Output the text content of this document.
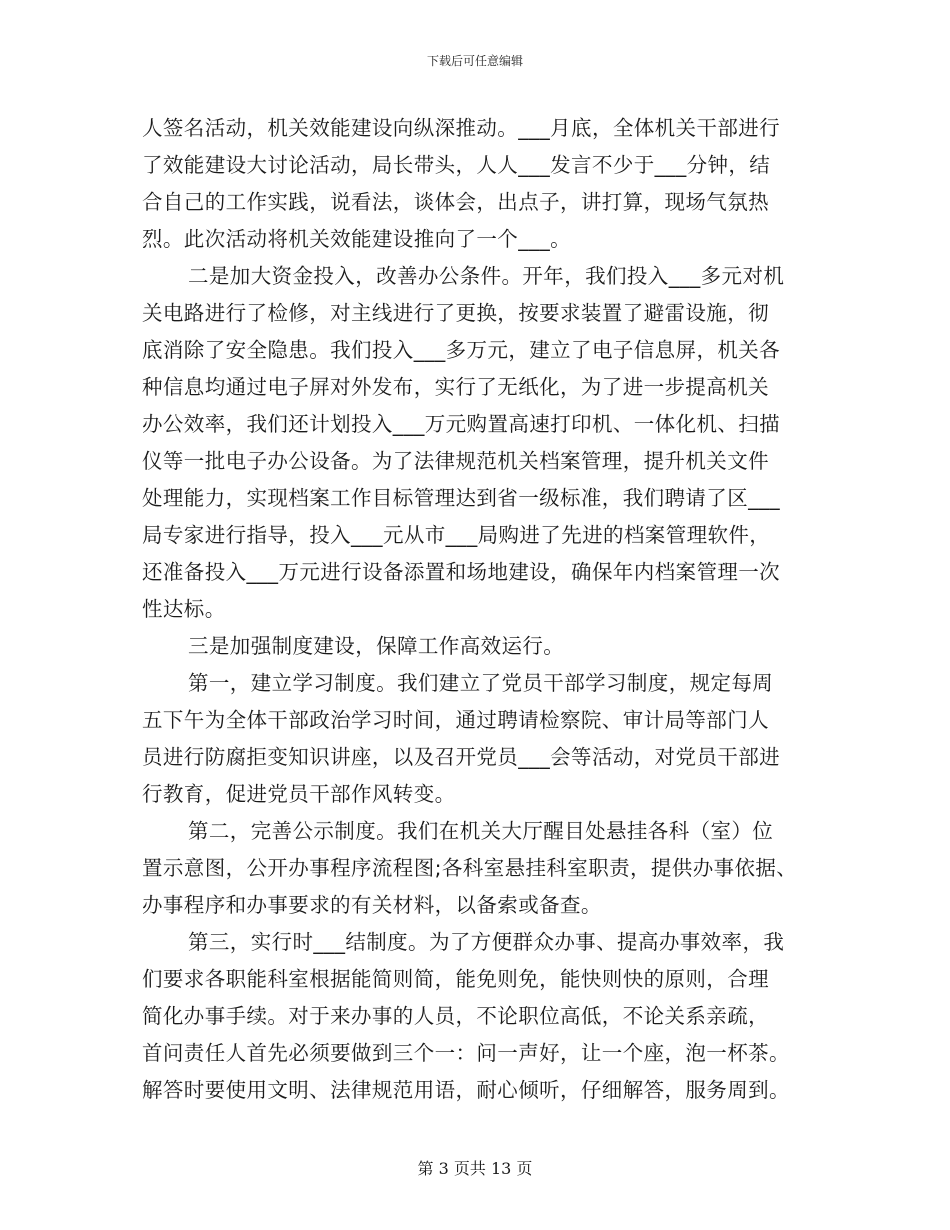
下载后可任意编辑
人签名活动，机关效能建设向纵深推动。___月底，全体机关干部进行
了效能建设大讨论活动，局长带头，人人___发言不少于___分钟，结
合自己的工作实践，说看法，谈体会，出点子，讲打算，现场气氛热
烈。此次活动将机关效能建设推向了一个___。
二是加大资金投入，改善办公条件。开年，我们投入___多元对机
关电路进行了检修，对主线进行了更换，按要求装置了避雷设施，彻
底消除了安全隐患。我们投入___多万元，建立了电子信息屏，机关各
种信息均通过电子屏对外发布，实行了无纸化，为了进一步提高机关
办公效率，我们还计划投入___万元购置高速打印机、一体化机、扫描
仪等一批电子办公设备。为了法律规范机关档案管理，提升机关文件
处理能力，实现档案工作目标管理达到省一级标准，我们聘请了区___
局专家进行指导，投入___元从市___局购进了先进的档案管理软件，
还准备投入___万元进行设备添置和场地建设，确保年内档案管理一次
性达标。
三是加强制度建设，保障工作高效运行。
第一，建立学习制度。我们建立了党员干部学习制度，规定每周
五下午为全体干部政治学习时间，通过聘请检察院、审计局等部门人
员进行防腐拒变知识讲座，以及召开党员___会等活动，对党员干部进
行教育，促进党员干部作风转变。
第二，完善公示制度。我们在机关大厅醒目处悬挂各科（室）位
置示意图，公开办事程序流程图;各科室悬挂科室职责，提供办事依据、
办事程序和办事要求的有关材料，以备索或备查。
第三，实行时___结制度。为了方便群众办事、提高办事效率，我
们要求各职能科室根据能简则简，能免则免，能快则快的原则，合理
简化办事手续。对于来办事的人员，不论职位高低，不论关系亲疏，
首问责任人首先必须要做到三个一：问一声好，让一个座，泡一杯茶。
解答时要使用文明、法律规范用语，耐心倾听，仔细解答，服务周到。
第 3 页共 13 页
